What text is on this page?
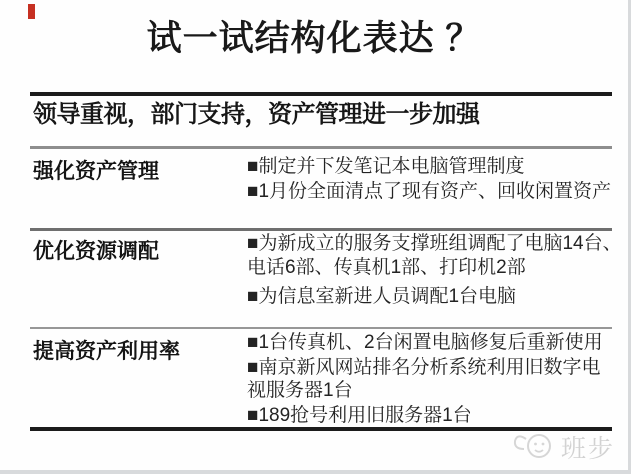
试一试结构化表达 ？
领导重视，部门支持，资产管理进一步加强
强化资产管理	■制定并下发笔记本电脑管理制度
■1月份全面清点了现有资产、回收闲置资产
优化资源调配	■为新成立的服务支撑班组调配了电脑14台、
电话6部、传真机1部、打印机2部
■为信息室新进人员调配1台电脑
提高资产利用率	■1台传真机、2台闲置电脑修复后重新使用
■南京新风网站排名分析系统利用旧数字电
视服务器1台
■189抢号利用旧服务器1台
班步
